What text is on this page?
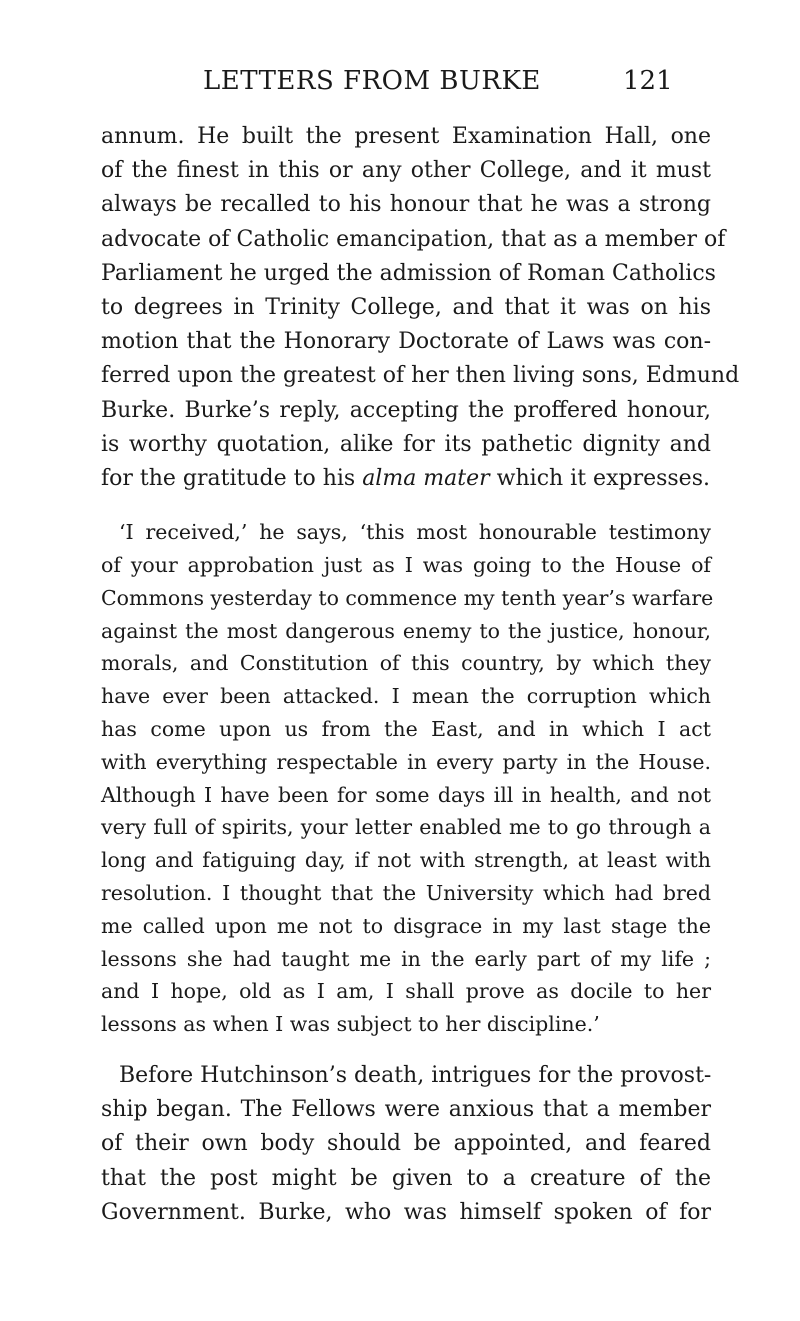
LETTERS FROM BURKE	121
annum. He built the present Examination Hall, one
of the finest in this or any other College, and it must
always be recalled to his honour that he was a strong
advocate of Catholic emancipation, that as a member of
Parliament he urged the admission of Roman Catholics
to degrees in Trinity College, and that it was on his
motion that the Honorary Doctorate of Laws was con-
ferred upon the greatest of her then living sons, Edmund
Burke. Burke’s reply, accepting the proffered honour,
is worthy quotation, alike for its pathetic dignity and
for the gratitude to his alma mater which it expresses.
‘I received,’ he says, ‘this most honourable testimony
of your approbation just as I was going to the House of
Commons yesterday to commence my tenth year’s warfare
against the most dangerous enemy to the justice, honour,
morals, and Constitution of this country, by which they
have ever been attacked. I mean the corruption which
has come upon us from the East, and in which I act
with everything respectable in every party in the House.
Although I have been for some days ill in health, and not
very full of spirits, your letter enabled me to go through a
long and fatiguing day, if not with strength, at least with
resolution. I thought that the University which had bred
me called upon me not to disgrace in my last stage the
lessons she had taught me in the early part of my life ;
and I hope, old as I am, I shall prove as docile to her
lessons as when I was subject to her discipline.’
Before Hutchinson’s death, intrigues for the provost-
ship began. The Fellows were anxious that a member
of their own body should be appointed, and feared
that the post might be given to a creature of the
Government. Burke, who was himself spoken of for
